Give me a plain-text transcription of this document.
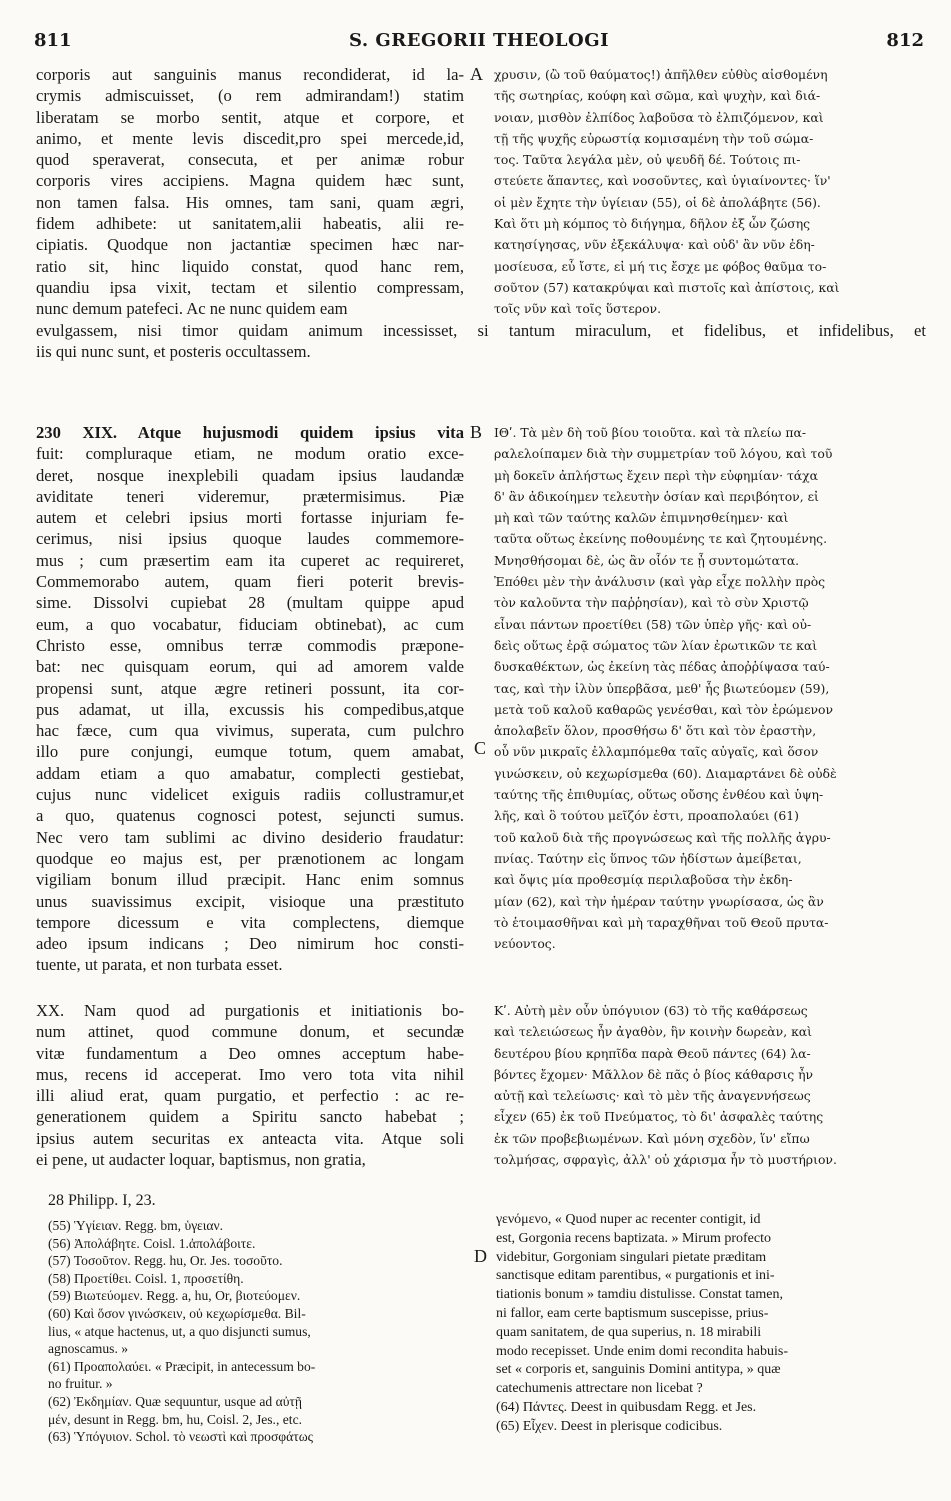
811	S. GREGORII THEOLOGI	812
A
B
C
D
corporis aut sanguinis manus recondiderat, id la-
crymis admiscuisset, (o rem admirandam!) statim
liberatam se morbo sentit, atque et corpore, et
animo, et mente levis discedit,pro spei mercede,id,
quod speraverat, consecuta, et per animæ robur
corporis vires accipiens. Magna quidem hæc sunt,
non tamen falsa. His omnes, tam sani, quam ægri,
fidem adhibete: ut sanitatem,alii habeatis, alii re-
cipiatis. Quodque non jactantiæ specimen hæc nar-
ratio sit, hinc liquido constat, quod hanc rem,
quandiu ipsa vixit, tectam et silentio compressam,
nunc demum patefeci. Ac ne nunc quidem eam
χρυσιν, (ὢ τοῦ θαύματος!) ἀπῆλθεν εὐθὺς αἰσθομένη
τῆς σωτηρίας, κούφη καὶ σῶμα, καὶ ψυχὴν, καὶ διά-
νοιαν, μισθὸν ἐλπίδος λαβοῦσα τὸ ἐλπιζόμενον, καὶ
τῇ τῆς ψυχῆς εὐρωστίᾳ κομισαμένη τὴν τοῦ σώμα-
τος. Ταῦτα λεγάλα μὲν, οὐ ψευδῆ δέ. Τούτοις πι-
στεύετε ἅπαντες, καὶ νοσοῦντες, καὶ ὑγιαίνοντες· ἵν'
οἱ μὲν ἔχητε τὴν ὑγίειαν (55), οἱ δὲ ἀπολάβητε (56).
Καὶ ὅτι μὴ κόμπος τὸ διήγημα, δῆλον ἐξ ὧν ζώσης
κατησίγησας, νῦν ἐξεκάλυψα· καὶ οὐδ' ἂν νῦν ἐδη-
μοσίευσα, εὖ ἴστε, εἰ μή τις ἔσχε με φόβος θαῦμα το-
σοῦτον (57) κατακρύψαι καὶ πιστοῖς καὶ ἀπίστοις, καὶ
τοῖς νῦν καὶ τοῖς ὕστερον.
evulgassem, nisi timor quidam animum incessisset, si tantum miraculum, et fidelibus, et infidelibus, et
iis qui nunc sunt, et posteris occultassem.
230 XIX. Atque hujusmodi quidem ipsius vita
fuit: compluraque etiam, ne modum oratio exce-
deret, nosque inexplebili quadam ipsius laudandæ
aviditate teneri videremur, prætermisimus. Piæ
autem et celebri ipsius morti fortasse injuriam fe-
cerimus, nisi ipsius quoque laudes commemore-
mus ; cum præsertim eam ita cuperet ac requireret,
Commemorabo autem, quam fieri poterit brevis-
sime. Dissolvi cupiebat 28 (multam quippe apud
eum, a quo vocabatur, fiduciam obtinebat), ac cum
Christo esse, omnibus terræ commodis præpone-
bat: nec quisquam eorum, qui ad amorem valde
propensi sunt, atque ægre retineri possunt, ita cor-
pus adamat, ut illa, excussis his compedibus,atque
hac fæce, cum qua vivimus, superata, cum pulchro
illo pure conjungi, eumque totum, quem amabat,
addam etiam a quo amabatur, complecti gestiebat,
cujus nunc videlicet exiguis radiis collustramur,et
a quo, quatenus cognosci potest, sejuncti sumus.
Nec vero tam sublimi ac divino desiderio fraudatur:
quodque eo majus est, per prænotionem ac longam
vigiliam bonum illud præcipit. Hanc enim somnus
unus suavissimus excipit, visioque una præstituto
tempore dicessum e vita complectens, diemque
adeo ipsum indicans ; Deo nimirum hoc consti-
tuente, ut parata, et non turbata esset.
ΙΘʹ. Τὰ μὲν δὴ τοῦ βίου τοιοῦτα. καὶ τὰ πλείω πα-
ραλελοίπαμεν διὰ τὴν συμμετρίαν τοῦ λόγου, καὶ τοῦ
μὴ δοκεῖν ἀπλήστως ἔχειν περὶ τὴν εὐφημίαν· τάχα
δ' ἂν ἀδικοίημεν τελευτὴν ὁσίαν καὶ περιβόητον, εἰ
μὴ καὶ τῶν ταύτης καλῶν ἐπιμνησθείημεν· καὶ
ταῦτα οὕτως ἐκείνης ποθουμένης τε καὶ ζητουμένης.
Μνησθήσομαι δὲ, ὡς ἂν οἷόν τε ᾖ συντομώτατα.
Ἐπόθει μὲν τὴν ἀνάλυσιν (καὶ γὰρ εἶχε πολλὴν πρὸς
τὸν καλοῦντα τὴν παῤῥησίαν), καὶ τὸ σὺν Χριστῷ
εἶναι πάντων προετίθει (58) τῶν ὑπὲρ γῆς· καὶ οὐ-
δεὶς οὕτως ἐρᾷ σώματος τῶν λίαν ἐρωτικῶν τε καὶ
δυσκαθέκτων, ὡς ἐκείνη τὰς πέδας ἀποῤῥίψασα ταύ-
τας, καὶ τὴν ἰλὺν ὑπερβᾶσα, μεθ' ἧς βιωτεύομεν (59),
μετὰ τοῦ καλοῦ καθαρῶς γενέσθαι, καὶ τὸν ἐρώμενον
ἀπολαβεῖν ὅλον, προσθήσω δ' ὅτι καὶ τὸν ἐραστὴν,
οὗ νῦν μικραῖς ἐλλαμπόμεθα ταῖς αὐγαῖς, καὶ ὅσον
γινώσκειν, οὐ κεχωρίσμεθα (60). Διαμαρτάνει δὲ οὐδὲ
ταύτης τῆς ἐπιθυμίας, οὕτως οὔσης ἐνθέου καὶ ὑψη-
λῆς, καὶ ὃ τούτου μεῖζόν ἐστι, προαπολαύει (61)
τοῦ καλοῦ διὰ τῆς προγνώσεως καὶ τῆς πολλῆς ἀγρυ-
πνίας. Ταύτην εἰς ὕπνος τῶν ἡδίστων ἀμείβεται,
καὶ ὄψις μία προθεσμίᾳ περιλαβοῦσα τὴν ἐκδη-
μίαν (62), καὶ τὴν ἡμέραν ταύτην γνωρίσασα, ὡς ἂν
τὸ ἑτοιμασθῆναι καὶ μὴ ταραχθῆναι τοῦ Θεοῦ πρυτα-
νεύοντος.
XX. Nam quod ad purgationis et initiationis bo-
num attinet, quod commune donum, et secundæ
vitæ fundamentum a Deo omnes acceptum habe-
mus, recens id acceperat. Imo vero tota vita nihil
illi aliud erat, quam purgatio, et perfectio : ac re-
generationem quidem a Spiritu sancto habebat ;
ipsius autem securitas ex anteacta vita. Atque soli
ei pene, ut audacter loquar, baptismus, non gratia,
Κʹ. Αὐτὴ μὲν οὖν ὑπόγυιον (63) τὸ τῆς καθάρσεως
καὶ τελειώσεως ἦν ἀγαθὸν, ἣν κοινὴν δωρεὰν, καὶ
δευτέρου βίου κρηπῖδα παρὰ Θεοῦ πάντες (64) λα-
βόντες ἔχομεν· Μᾶλλον δὲ πᾶς ὁ βίος κάθαρσις ἦν
αὐτῇ καὶ τελείωσις· καὶ τὸ μὲν τῆς ἀναγεννήσεως
εἶχεν (65) ἐκ τοῦ Πνεύματος, τὸ δι' ἀσφαλὲς ταύτης
ἐκ τῶν προβεβιωμένων. Καὶ μόνη σχεδὸν, ἵν' εἴπω
τολμήσας, σφραγὶς, ἀλλ' οὐ χάρισμα ἦν τὸ μυστήριον.
28 Philipp. I, 23.
(55) Ὑγίειαν. Regg. bm, ὑγειαν.
(56) Ἀπολάβητε. Coisl. 1.ἀπολάβοιτε.
(57) Τοσοῦτον. Regg. hu, Or. Jes. τοσοῦτο.
(58) Προετίθει. Coisl. 1, προσετίθη.
(59) Βιωτεύομεν. Regg. a, hu, Or, βιοτεύομεν.
(60) Καὶ ὅσον γινώσκειν, οὐ κεχωρίσμεθα. Bil-
lius, « atque hactenus, ut, a quo disjuncti sumus,
agnoscamus. »
(61) Προαπολαύει. « Præcipit, in antecessum bo-
no fruitur. »
(62) Ἐκδημίαν. Quæ sequuntur, usque ad αὐτῇ
μέν, desunt in Regg. bm, hu, Coisl. 2, Jes., etc.
(63) Ὑπόγυιον. Schol. τὸ νεωστὶ καὶ προσφάτως
γενόμενο, « Quod nuper ac recenter contigit, id
est, Gorgonia recens baptizata. » Mirum profecto
videbitur, Gorgoniam singulari pietate præditam
sanctisque editam parentibus, « purgationis et ini-
tiationis bonum » tamdiu distulisse. Constat tamen,
ni fallor, eam certe baptismum suscepisse, prius-
quam sanitatem, de qua superius, n. 18 mirabili
modo recepisset. Unde enim domi recondita habuis-
set « corporis et, sanguinis Domini antitypa, » quæ
catechumenis attrectare non licebat ?
(64) Πάντες. Deest in quibusdam Regg. et Jes.
(65) Εἶχεν. Deest in plerisque codicibus.
